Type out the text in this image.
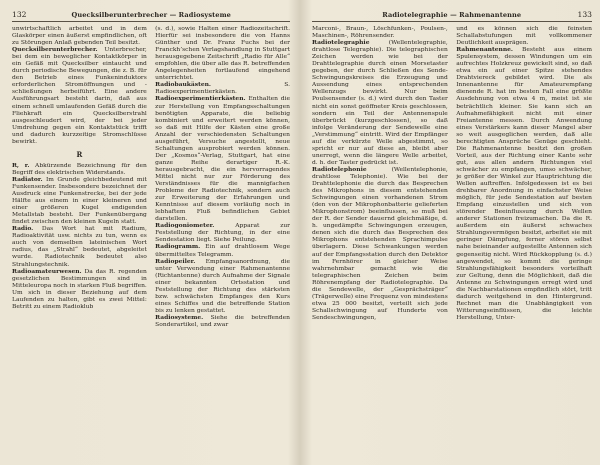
132	Quecksilberunterbrecher — Radiosysteme

unwirtschaftlich arbeitet und in dem Glaskörper einen äußerst empfindlichen, oft zu Störungen Anlaß gebenden Teil besitzt.

Quecksilberunterbrecher. Unterbrecher, bei dem ein beweglicher Kontaktkörper in ein Gefäß mit Quecksilber eintaucht und durch periodische Bewegungen, die z. B. für den Betrieb eines Funkeninduktors erforderlichen Stromöffnungen und -schließungen herbeiführt. Eine andere Ausführungsart besteht darin, daß aus einem schnell umlaufenden Gefäß durch die Fliehkraft ein Quecksilberstrahl ausgeschleudert wird, der bei jeder Umdrehung gegen ein Kontaktstück trifft und dadurch kurzzeitige Stromschlüsse bewirkt.

R

R, r. Abkürzende Bezeichnung für den Begriff des elektrischen Widerstands.

Radiator. Im Grunde gleichbedeutend mit Funkensender. Insbesondere bezeichnet der Ausdruck eine Funkenstrecke, bei der jede Hälfte aus einem in einer kleineren und einer größeren Kugel endigenden Metallstab besteht. Der Funkenübergang findet zwischen den kleinen Kugeln statt.

Radio. Das Wort hat mit Radium, Radioaktivität usw. nichts zu tun, wenn es auch von demselben lateinischen Wort radius, das „Strahl“ bedeutet, abgeleitet wurde. Radiotechnik bedeutet also Strahlungstechnik.

Radioamateurwesen. Da das R. regenden gesetzlichen Bestimmungen sind in Mitteleuropa noch in starken Fluß begriffen. Um sich in dieser Beziehung auf dem Laufenden zu halten, gibt es zwei Mittel: Betritt zu einem Radioklub

(s. d.), sowie Halten einer Radiozeitschrift. Hierfür sei insbesondere die von Hanns Günther und Dr. Franz Fuchs bei der Franckh’schen Verlagshandlung in Stuttgart herausgegebene Zeitschrift „Radio für Alle“ empfohlen, die über alle das R. betreffenden Angelegenheiten fortlaufend eingehend unterrichtet.

Radiobaukästen.	S. Radioexperimentierkästen.

Radioexperimentierkästen. Enthalten die zur Herstellung von Empfangsschaltungen benötigten Apparate, die beliebig kombiniert und erweitert werden können, so daß mit Hilfe der Kästen eine große Anzahl der verschiedensten Schaltungen ausgeführt, Versuche angestellt, neue Schaltungen ausprobiert werden können. Der „Kosmos“-Verlag, Stuttgart, hat eine ganze Reihe derartiger R.-K. herausgebracht, die ein hervorragendes Mittel nicht nur zur Förderung des Verständnisses für die mannigfachen Probleme der Radiotechnik, sondern auch zur Erweiterung der Erfahrungen und Kenntnisse auf diesem vorläufig noch in lebhaftem Fluß befindlichen Gebiet darstellen.

Radiogoniometer.	Apparat zur Feststellung der Richtung, in der eine Sendestation liegt. Siehe Peilung.

Radiogramm. Ein auf drahtlosem Wege übermitteltes Telegramm.

Radiopeiler. Empfangsanordnung, die unter Verwendung einer Rahmenantenne (Richtantenne) durch Aufnahme der Signale einer bekannten Ortsstation und Feststellung der Richtung des stärksten bzw. schwächsten Empfanges den Kurs eines Schiffes und die betreffende Station bis zu lenken gestattet.

Radiosysteme. Siehe die betreffenden Sonderartikel, und zwar

Radiotelegraphie — Rahmenantenne	133

Marconi-, Braun-, Löschfunken-, Poulsen-, Maschinen-, Röhrensender.

Radiotelegraphie	(Wellentelegraphie, drahtlose Telegraphie). Die telegraphischen Zeichen werden wie bei der Drahttelegraphie durch einen Morsetaster gegeben, der durch Schließen des Sende-Schwingungskreises die Erzeugung und Aussendung eines entsprechenden Wellenzugs bewirkt. Nur beim Poulsensender (s. d.) wird durch den Taster nicht ein sonst geöffneter Kreis geschlossen, sondern ein Teil der Antennenspule überbrückt (kurzgeschlossen), so daß infolge Veränderung der Sendewelle eine „Verstimmung“ eintritt. Wird der Empfänger auf die verkürzte Welle abgestimmt, so spricht er nur auf diese an, bleibt aber unerregt, wenn die längere Welle arbeitet, d. h. der Taster gedrückt ist.

Radiotelephonie	(Wellentelephonie, drahtlose Telephonie). Wie bei der Drahttelephonie die durch das Besprechen des Mikrophons in diesem entstehenden Schwingungen einen vorhandenen Strom (den von der Mikrophonbatterie gelieferten Mikrophonstrom) beeinflussen, so muß bei der R. der Sender dauernd gleichmäßige, d. h. ungedämpfte Schwingungen erzeugen, denen sich die durch das Besprechen des Mikrophons entstehenden Sprachimpulse überlagern. Diese Schwankungen werden auf der Empfangsstation durch den Detektor im Fernhörer in gleicher Weise wahrnehmbar gemacht wie die telegraphischen Zeichen beim Röhrenempfang der Radiotelegraphie. Da die Sendewelle, der „Gesprächsträger“ (Trägerwelle) eine Frequenz von mindestens etwa 25 000 besitzt, verteilt sich jede Schallschwingung auf Hunderte von Sendeschwingungen,

und es können sich die feinsten Schallabstufungen mit vollkommener Deutlichkeit ausprägen.

Rahmenantenne. Besteht aus einem Spulensystem, dessen Windungen um ein aufrechtes Holzkreuz gewickelt sind, so daß etwa ein auf einer Spitze stehendes Drahtviereck gebildet wird. Die als Innenantenne für Amateurempfang dienende R. hat im besten Fall eine größte Ausdehnung von etwa 4 m, meist ist sie beträchtlich kleiner. Sie kann sich an Aufnahmefähigkeit nicht mit einer Freiantenne messen. Durch Anwendung eines Verstärkers kann dieser Mangel aber so weit ausgeglichen werden, daß alle berechtigten Ansprüche Genüge geschieht. Die Rahmenantenne besitzt den großen Vorteil, aus der Richtung einer Kante sehr gut, aus allen andern Richtungen viel schwächer zu empfangen, umso schwächer, je größer der Winkel zur Hauptrichtung die Wellen auftreffen. Infolgedessen ist es bei drehbarer Anordnung in einfachster Weise möglich, für jede Sendestation auf besten Empfang einzustellen und sich von störender Beeinflussung durch Wellen anderer Stationen freizumachen. Da die R. außerdem ein äußerst schwaches Strahlungsvermögen besitzt, arbeitet sie mit geringer Dämpfung, ferner stören selbst nahe beieinander aufgestellte Antennen sich gegenseitig nicht. Wird Rückkopplung (s. d.) angewendet, so kommt die geringe Strahlungsfähigkeit besonders vorteilhaft zur Geltung, denn die Möglichkeit, daß die Antenne zu Schwingungen erregt wird und die Nachbarstationen empfindlich stört, tritt dadurch weitgehend in den Hintergrund. Rechnet man die Unabhängigkeit von Witterungseinflüssen, die leichte Herstellung, Unter-
